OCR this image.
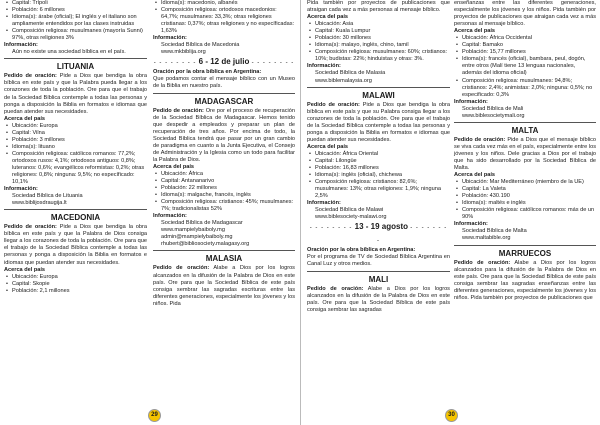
• Capital: Trípoli
• Población: 6 millones
• Idioma(s): árabe (oficial); El inglés y el italiano son ampliamente entendidos por las clases instruidas
• Composición religiosa: musulmanes (mayoría Sunni) 97%, otras religiones 3%
Información:

Aún no existe una sociedad bíblica en el país.

LITUANIA

Pedido de oración: Pide a Dios que bendiga la obra bíblica en este país y que la Palabra pueda llegar a los corazones de toda la población. Ore para que el trabajo de la Sociedad Bíblica contemple a todas las personas y ponga a disposición la Biblia en formatos e idiomas que puedan atender sus necesidades.

Acerca del país
• Ubicación: Europa
• Capital: Vilna
• Población: 3 millones
• Idioma(s): lituano
• Composición religiosa: católicos romanos: 77,2%; ortodoxos rusos: 4,1%; ortodoxos antiguos: 0,8%; luteranos: 0,6%; evangélicos reformistas: 0,2%; otras religiones: 0,8%; ninguna: 9,5%; no específicado: 10,1%
Información:
Sociedad Bíblica de Lituania
www.biblijosdraugija.lt
MACEDONIA

Pedido de oración: Pide a Dios que bendiga la obra bíblica en este país y que la Palabra de Dios consiga llegar a los corazones de toda la población. Ore para que el trabajo de la Sociedad Bíblica contemple a todas las personas y ponga a disposición la Biblia en formatos e idiomas que puedan atender sus necesidades.

Acerca del país
• Ubicación: Europa
• Capital: Skopie
• Población: 2,1 millones
• Idioma(s): macedonio, albanés
• Composición religiosa: ortodoxos macedonios: 64,7%; musulmanes: 33,3%; otras religiones cristianas: 0,37%; otras religiones y no específicadas: 1,63%
Información:
Sociedad Bíblica de Macedonia
www.mkbiblija.org
- - - - - - - - 6 - 12 de julio - - - - - - - -
Oración por la obra bíblica en Argentina:

Que podamos contar el mensaje bíblico con un Museo de la Biblia en nuestro país.

MADAGASCAR

Pedido de oración: Ore por el proceso de recuperación de la Sociedad Bíblica de Madagascar. Hemos tenido que despedir a empleados y preparar un plan de recuperación de tres años. Por encima de todo, la Sociedad Bíblica tendrá que pasar por un gran cambio de paradigma en cuanto a la Junta Ejecutiva, el Consejo de Administración y la Iglesia como un todo para facilitar la Palabra de Dios.

Acerca del país
• Ubicación: África
• Capital: Antananarivo
• Población: 22 millones
• Idioma(s): malgache, francés, inglés
• Composición religiosa: cristianos: 45%; musulmanes: 7%; tradicionalistas 52%
Información:
Sociedad Bíblica de Madagascar
www.mampielybaiboly.mg
admin@mampielybaiboly.mg
rhubert@bibliosociety.malagasy.org
MALASIA

Pedido de oración: Alabe a Dios por los logros alcanzados en la difusión de la Palabra de Dios en este país. Ore para que la Sociedad Bíblica de este país consiga sembrar las sagradas escrituras entre las diferentes generaciones, especialmente los jóvenes y los niños. Pida

Pida también por proyectos de publicaciones que atraigan cada vez a más personas al mensaje bíblico.

Acerca del país
• Ubicación: Asia
• Capital: Kuala Lumpur
• Población: 30 millones
• Idioma(s): malayo, inglés, chino, tamil
• Composición religiosa: musulmanes: 60%; cristianos: 10%; budistas: 22%; hinduistas y otras: 3%.
Información:
Sociedad Bíblica de Malasia
www.biblemalaysia.org
MALAWI

Pedido de oración: Pide a Dios que bendiga la obra bíblica en este país y que su Palabra consiga llegar a los corazones de toda la población. Ore para que el trabajo de la Sociedad Bíblica contemple a todas las personas y ponga a disposición la Biblia en formatos e idiomas que puedan atender sus necesidades.

Acerca del país
• Ubicación: África Oriental
• Capital: Lilongüe
• Población: 16,83 millones
• Idioma(s): inglés (oficial), chichewa
• Composición religiosa: cristianos: 82,6%; musulmanes: 13%; otras religiones: 1,9%; ninguna 2,5%
Información:
Sociedad Bíblica de Malawi
www.biblesociety-malawi.org
- - - - - - - - 13 - 19 agosto - - - - - - - -
Oración por la obra bíblica en Argentina:

Por el programa de TV de Sociedad Bíblica Argentina en Canal Luz y otros medios.

MALI

Pedido de oración: Alabe a Dios por los logros alcanzados en la difusión de la Palabra de Dios en este país. Ore para que la Sociedad Bíblica de este país consiga sembrar las sagradas

enseñanzas entre las diferentes generaciones, especialmente los jóvenes y los niños. Pida también por proyectos de publicaciones que atraigan cada vez a más personas al mensaje bíblico.

Acerca del país
• Ubicación: África Occidental
• Capital: Bamako
• Población: 15,77 millones
• Idioma(s): francés (oficial), bambara, peul, dogón, entre otros (Malí tiene 13 lenguas nacionales, además del idioma oficial)
• Composición religiosa: musulmanes: 94,8%; cristianos: 2,4%; animistas: 2,0%; ninguna: 0,5%; no especificado: 0,3%
Información:
Sociedad Bíblica de Mali
www.biblesocietymali.org
MALTA

Pedido de oración: Pide a Dios que el mensaje bíblico se viva cada vez más en el país, especialmente entre los jóvenes y los niños. Dele gracias a Dios por el trabajo que ha sido desarrollado por la Sociedad Bíblica de Malta.

Acerca del país
• Ubicación: Mar Mediterráneo (miembro de la UE)
• Capital: La Valeta
• Población: 430.190
• Idioma(s): maltés e inglés
• Composición religiosa: católicos romanos: más de un 90%
Información:
Sociedad Bíblica de Malta
www.maltabible.org
MARRUECOS

Pedido de oración: Alabe a Dios por los logros alcanzados para la difusión de la Palabra de Dios en este país. Ore para que la Sociedad Bíblica de este país consiga sembrar las sagradas enseñanzas entre las diferentes generaciones, especialmente los jóvenes y los niños. Pida también por proyectos de publicaciones que

29	30
